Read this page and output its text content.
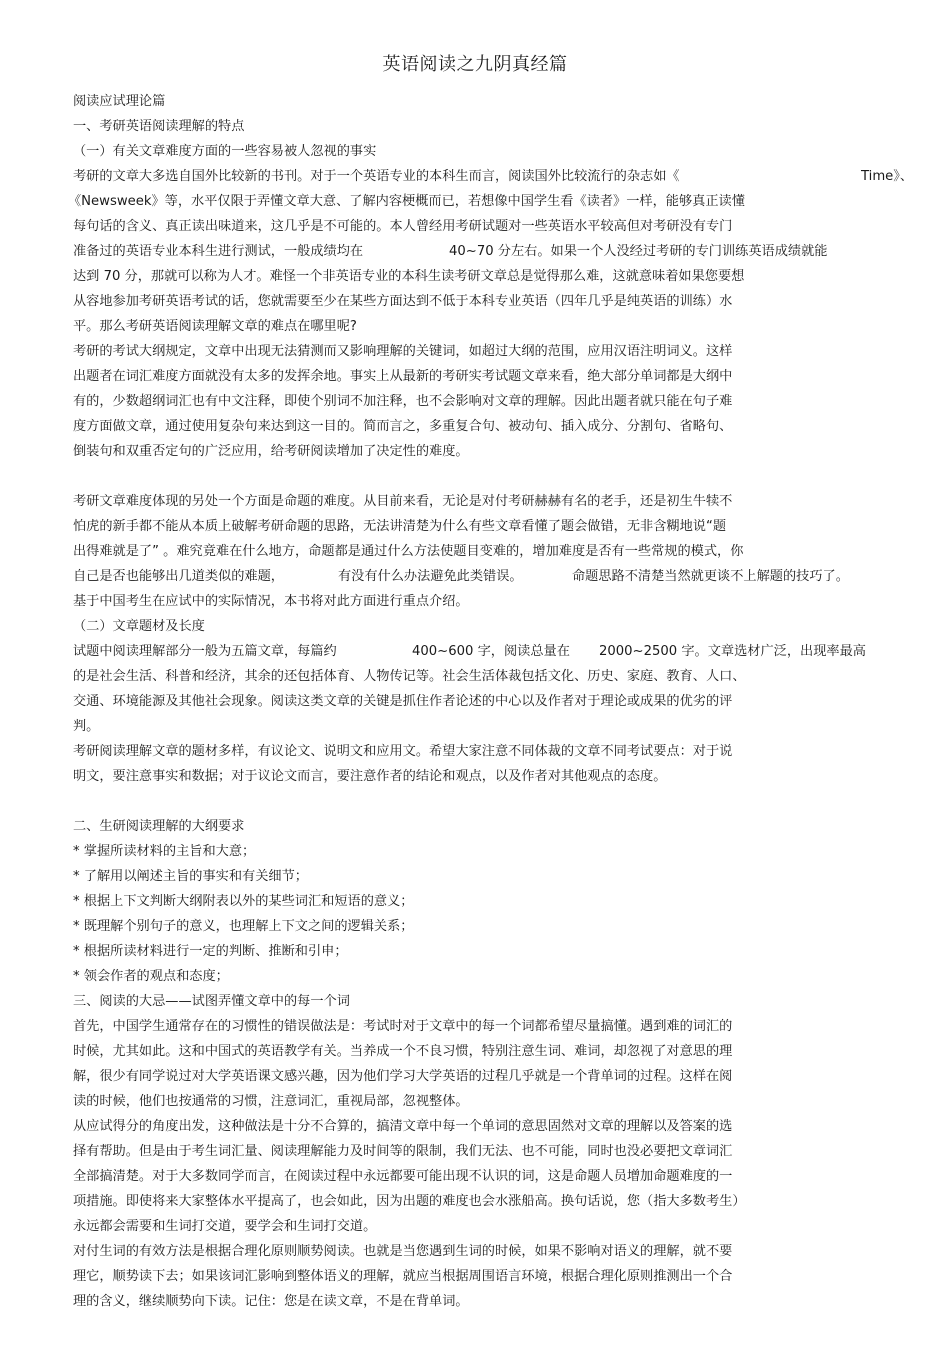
英语阅读之九阴真经篇
阅读应试理论篇
一、考研英语阅读理解的特点
（一）有关文章难度方面的一些容易被人忽视的事实
考研的文章大多选自国外比较新的书刊。对于一个英语专业的本科生而言，阅读国外比较流行的杂志如《	Time》、
《Newsweek》等，水平仅限于弄懂文章大意、了解内容梗概而已，若想像中国学生看《读者》一样，能够真正读懂
每句话的含义、真正读出味道来，这几乎是不可能的。本人曾经用考研试题对一些英语水平较高但对考研没有专门
准备过的英语专业本科生进行测试，一般成绩均在	40~70 分左右。如果一个人没经过考研的专门训练英语成绩就能
达到 70 分，那就可以称为人才。难怪一个非英语专业的本科生读考研文章总是觉得那么难，这就意味着如果您要想
从容地参加考研英语考试的话，您就需要至少在某些方面达到不低于本科专业英语（四年几乎是纯英语的训练）水
平。那么考研英语阅读理解文章的难点在哪里呢?
考研的考试大纲规定，文章中出现无法猜测而又影响理解的关键词，如超过大纲的范围，应用汉语注明词义。这样
出题者在词汇难度方面就没有太多的发挥余地。事实上从最新的考研实考试题文章来看，绝大部分单词都是大纲中
有的，少数超纲词汇也有中文注释，即使个别词不加注释，也不会影响对文章的理解。因此出题者就只能在句子难
度方面做文章，通过使用复杂句来达到这一目的。简而言之，多重复合句、被动句、插入成分、分割句、省略句、
倒装句和双重否定句的广泛应用，给考研阅读增加了决定性的难度。
考研文章难度体现的另处一个方面是命题的难度。从目前来看，无论是对付考研赫赫有名的老手，还是初生牛犊不
怕虎的新手都不能从本质上破解考研命题的思路，无法讲清楚为什么有些文章看懂了题会做错，无非含糊地说“题
出得难就是了” 。难究竟难在什么地方，命题都是通过什么方法使题目变难的，增加难度是否有一些常规的模式，你
自己是否也能够出几道类似的难题，	有没有什么办法避免此类错误。	命题思路不清楚当然就更谈不上解题的技巧了。
基于中国考生在应试中的实际情况，本书将对此方面进行重点介绍。
（二）文章题材及长度
试题中阅读理解部分一般为五篇文章，每篇约	400~600 字，阅读总量在 2000~2500 字。文章选材广泛，出现率最高
的是社会生活、科普和经济，其余的还包括体育、人物传记等。社会生活体裁包括文化、历史、家庭、教育、人口、
交通、环境能源及其他社会现象。阅读这类文章的关键是抓住作者论述的中心以及作者对于理论或成果的优劣的评
判。
考研阅读理解文章的题材多样，有议论文、说明文和应用文。希望大家注意不同体裁的文章不同考试要点：对于说
明文，要注意事实和数据；对于议论文而言，要注意作者的结论和观点，以及作者对其他观点的态度。
二、生研阅读理解的大纲要求
* 掌握所读材料的主旨和大意；
* 了解用以阐述主旨的事实和有关细节；
* 根据上下文判断大纲附表以外的某些词汇和短语的意义；
* 既理解个别句子的意义，也理解上下文之间的逻辑关系；
* 根据所读材料进行一定的判断、推断和引申；
* 领会作者的观点和态度；
三、阅读的大忌——试图弄懂文章中的每一个词
首先，中国学生通常存在的习惯性的错误做法是：考试时对于文章中的每一个词都希望尽量搞懂。遇到难的词汇的
时候，尤其如此。这和中国式的英语教学有关。当养成一个不良习惯，特别注意生词、难词，却忽视了对意思的理
解，很少有同学说过对大学英语课文感兴趣，因为他们学习大学英语的过程几乎就是一个背单词的过程。这样在阅
读的时候，他们也按通常的习惯，注意词汇，重视局部，忽视整体。
从应试得分的角度出发，这种做法是十分不合算的，搞清文章中每一个单词的意思固然对文章的理解以及答案的选
择有帮助。但是由于考生词汇量、阅读理解能力及时间等的限制，我们无法、也不可能，同时也没必要把文章词汇
全部搞清楚。对于大多数同学而言，在阅读过程中永远都要可能出现不认识的词，这是命题人员增加命题难度的一
项措施。即使将来大家整体水平提高了，也会如此，因为出题的难度也会水涨船高。换句话说，您（指大多数考生）
永远都会需要和生词打交道，要学会和生词打交道。
对付生词的有效方法是根据合理化原则顺势阅读。也就是当您遇到生词的时候，如果不影响对语义的理解，就不要
理它，顺势读下去；如果该词汇影响到整体语义的理解，就应当根据周围语言环境，根据合理化原则推测出一个合
理的含义，继续顺势向下读。记住：您是在读文章，不是在背单词。
